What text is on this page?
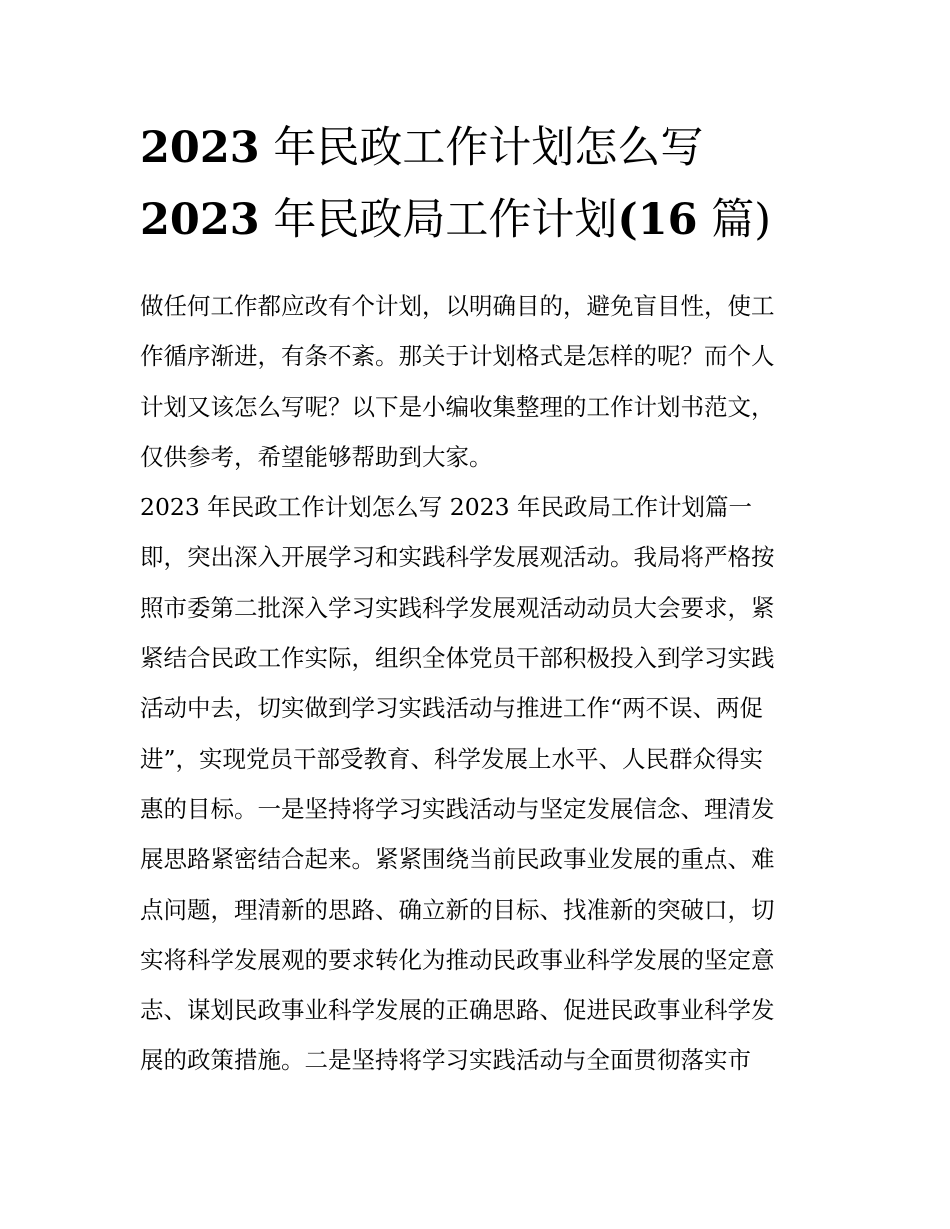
2023 年民政工作计划怎么写
2023 年民政局工作计划(16 篇)
做任何工作都应改有个计划，以明确目的，避免盲目性，使工
作循序渐进，有条不紊。那关于计划格式是怎样的呢？而个人
计划又该怎么写呢？以下是小编收集整理的工作计划书范文，
仅供参考，希望能够帮助到大家。
2023 年民政工作计划怎么写 2023 年民政局工作计划篇一
即，突出深入开展学习和实践科学发展观活动。我局将严格按
照市委第二批深入学习实践科学发展观活动动员大会要求，紧
紧结合民政工作实际，组织全体党员干部积极投入到学习实践
活动中去，切实做到学习实践活动与推进工作“两不误、两促
进”，实现党员干部受教育、科学发展上水平、人民群众得实
惠的目标。一是坚持将学习实践活动与坚定发展信念、理清发
展思路紧密结合起来。紧紧围绕当前民政事业发展的重点、难
点问题，理清新的思路、确立新的目标、找准新的突破口，切
实将科学发展观的要求转化为推动民政事业科学发展的坚定意
志、谋划民政事业科学发展的正确思路、促进民政事业科学发
展的政策措施。二是坚持将学习实践活动与全面贯彻落实市
